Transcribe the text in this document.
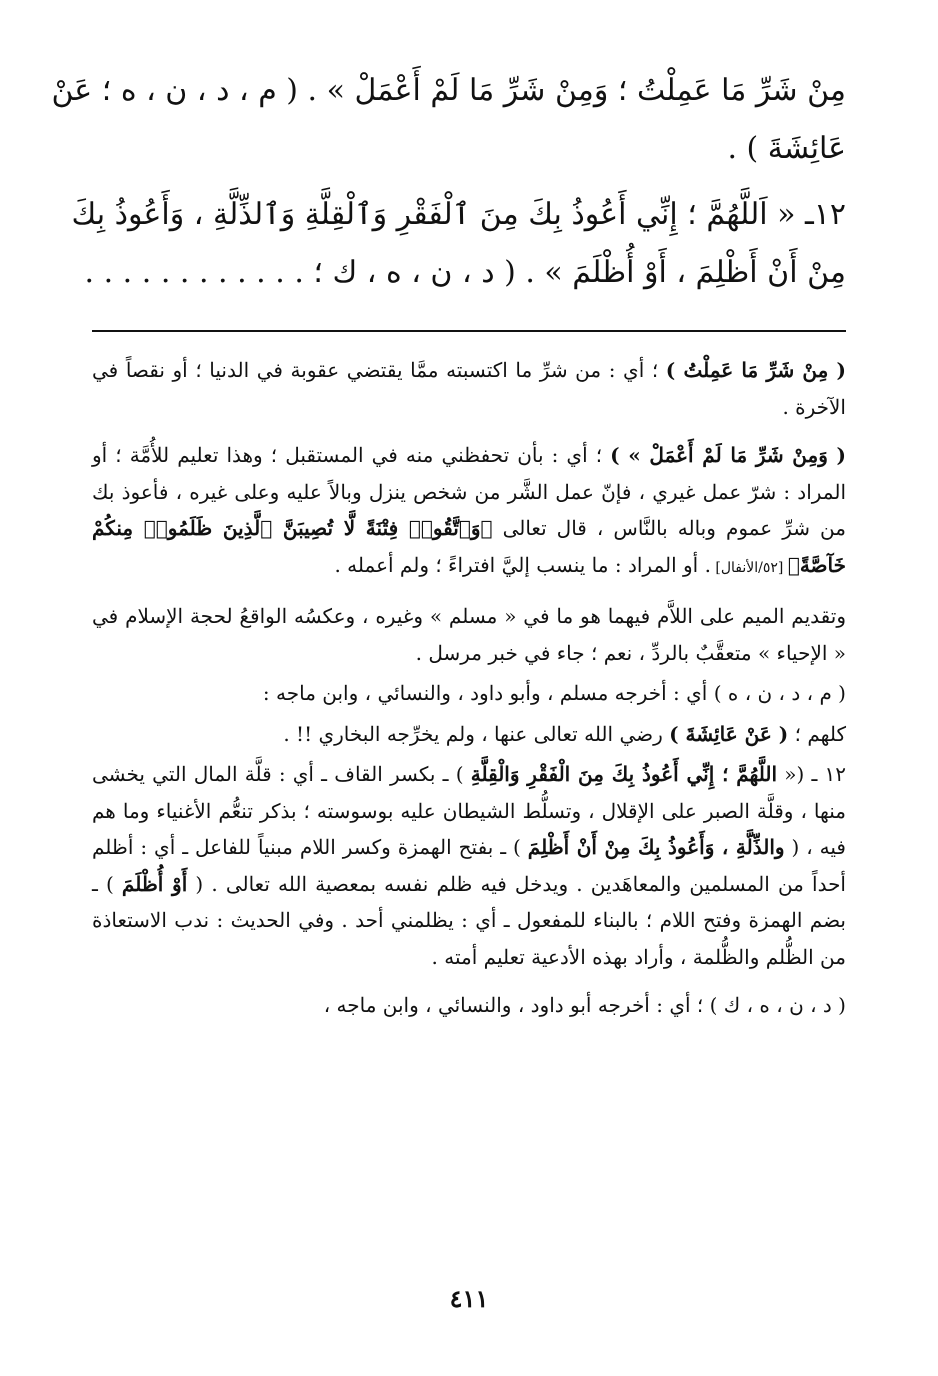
مِنْ شَرِّ مَا عَمِلْتُ ؛ وَمِنْ شَرِّ مَا لَمْ أَعْمَلْ » . ( م ، د ، ن ، ه ؛ عَنْ
عَائِشَةَ ) .
١٢ـ « اَللَّهُمَّ ؛ إِنِّي أَعُوذُ بِكَ مِنَ ٱلْفَقْرِ وَٱلْقِلَّةِ وَٱلذِّلَّةِ ، وَأَعُوذُ بِكَ
مِنْ أَنْ أَظْلِمَ ، أَوْ أُظْلَمَ » . ( د ، ن ، ه ، ك ؛ . . . . . . . . . . . .

( مِنْ شَرِّ مَا عَمِلْتُ ) ؛ أي : من شرِّ ما اكتسبته ممَّا يقتضي عقوبة في الدنيا ؛ أو نقصاً في الآخرة .

( وَمِنْ شَرِّ مَا لَمْ أَعْمَلْ » ) ؛ أي : بأن تحفظني منه في المستقبل ؛ وهذا تعليم للأُمَّة ؛ أو المراد : شرّ عمل غيري ، فإنّ عمل الشَّر من شخص ينزل وبالاً عليه وعلى غيره ، فأعوذ بك من شرِّ عموم وباله بالنَّاس ، قال تعالى ﴿وَٱتَّقُوا۟ فِتْنَةً لَّا تُصِيبَنَّ ٱلَّذِينَ ظَلَمُوا۟ مِنكُمْ خَآصَّةً﴾ [٥٢/الأنفال] . أو المراد : ما ينسب إليَّ افتراءً ؛ ولم أعمله .

وتقديم الميم على اللاَّم فيهما هو ما في « مسلم » وغيره ، وعكسُه الواقعُ لحجة الإسلام في « الإحياء » متعقَّبٌ بالردِّ ، نعم ؛ جاء في خبر مرسل .

( م ، د ، ن ، ه ) أي : أخرجه مسلم ، وأبو داود ، والنسائي ، وابن ماجه :

كلهم ؛ ( عَنْ عَائِشَةَ ) رضي الله تعالى عنها ، ولم يخرِّجه البخاري !! .

١٢ ـ (« اللَّهُمَّ ؛ إِنِّي أَعُوذُ بِكَ مِنَ الْفَقْرِ وَالْقِلَّةِ ) ـ بكسر القاف ـ أي : قلَّة المال التي يخشى منها ، وقلَّة الصبر على الإقلال ، وتسلُّط الشيطان عليه بوسوسته ؛ بذكر تنعُّم الأغنياء وما هم فيه ، ( والذِّلَّةِ ، وَأَعُوذُ بِكَ مِنْ أَنْ أَظْلِمَ ) ـ بفتح الهمزة وكسر اللام مبنياً للفاعل ـ أي : أظلم أحداً من المسلمين والمعاهَدين . ويدخل فيه ظلم نفسه بمعصية الله تعالى . ( أَوْ أُظْلَمَ ) ـ بضم الهمزة وفتح اللام ؛ بالبناء للمفعول ـ أي : يظلمني أحد . وفي الحديث : ندب الاستعاذة من الظُّلم والظُّلمة ، وأراد بهذه الأدعية تعليم أمته .

( د ، ن ، ه ، ك ) ؛ أي : أخرجه أبو داود ، والنسائي ، وابن ماجه ،

٤١١
